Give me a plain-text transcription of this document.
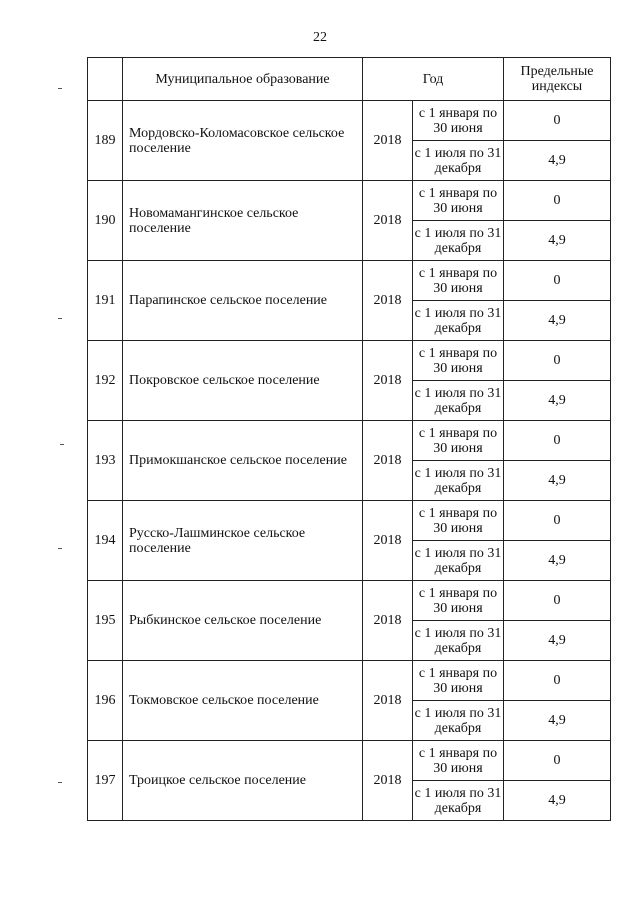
22
	Муниципальное образование	Год		Предельные индексы
189	Мордовско-Коломасовское сельское поселение	2018	с 1 января по 30 июня	0
			с 1 июля по 31 декабря	4,9
190	Новомамангинское сельское поселение	2018	с 1 января по 30 июня	0
			с 1 июля по 31 декабря	4,9
191	Парапинское сельское поселение	2018	с 1 января по 30 июня	0
			с 1 июля по 31 декабря	4,9
192	Покровское сельское поселение	2018	с 1 января по 30 июня	0
			с 1 июля по 31 декабря	4,9
193	Примокшанское сельское поселение	2018	с 1 января по 30 июня	0
			с 1 июля по 31 декабря	4,9
194	Русско-Лашминское сельское поселение	2018	с 1 января по 30 июня	0
			с 1 июля по 31 декабря	4,9
195	Рыбкинское сельское поселение	2018	с 1 января по 30 июня	0
			с 1 июля по 31 декабря	4,9
196	Токмовское сельское поселение	2018	с 1 января по 30 июня	0
			с 1 июля по 31 декабря	4,9
197	Троицкое сельское поселение	2018	с 1 января по 30 июня	0
			с 1 июля по 31 декабря	4,9
